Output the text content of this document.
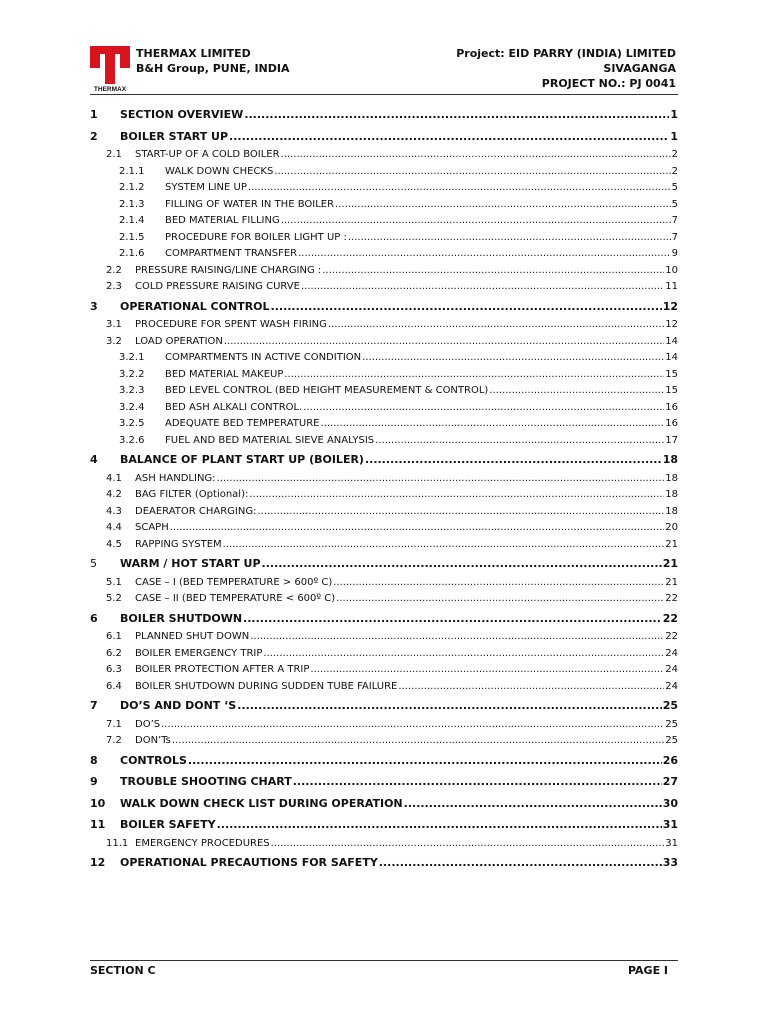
THERMAX
THERMAX LIMITED
B&H Group, PUNE, INDIA
Project: EID PARRY (INDIA) LIMITED
SIVAGANGA
PROJECT NO.: PJ 0041
1	SECTION OVERVIEW .....	1
2	BOILER START UP .....	1
2.1	START-UP OF A COLD BOILER .....	2
2.1.1	WALK DOWN CHECKS .....	2
2.1.2	SYSTEM LINE UP .....	5
2.1.3	FILLING OF WATER IN THE BOILER .....	5
2.1.4	BED MATERIAL FILLING .....	7
2.1.5	PROCEDURE FOR BOILER LIGHT UP : .....	7
2.1.6	COMPARTMENT TRANSFER .....	9
2.2	PRESSURE RAISING/LINE CHARGING : .....	10
2.3	COLD PRESSURE RAISING CURVE .....	11
3	OPERATIONAL CONTROL .....	12
3.1	PROCEDURE FOR SPENT WASH FIRING .....	12
3.2	LOAD OPERATION .....	14
3.2.1	COMPARTMENTS IN ACTIVE CONDITION .....	14
3.2.2	BED MATERIAL MAKEUP .....	15
3.2.3	BED LEVEL CONTROL (BED HEIGHT MEASUREMENT & CONTROL) .....	15
3.2.4	BED ASH ALKALI CONTROL. .....	16
3.2.5	ADEQUATE BED TEMPERATURE .....	16
3.2.6	FUEL AND BED MATERIAL SIEVE ANALYSIS .....	17
4	BALANCE OF PLANT START UP (BOILER) .....	18
4.1	ASH HANDLING: .....	18
4.2	BAG FILTER (Optional): .....	18
4.3	DEAERATOR CHARGING: .....	18
4.4	SCAPH .....	20
4.5	RAPPING SYSTEM .....	21
5	WARM / HOT START UP .....	21
5.1	CASE – I (BED TEMPERATURE > 600º C) .....	21
5.2	CASE – II (BED TEMPERATURE < 600º C) .....	22
6	BOILER SHUTDOWN .....	22
6.1	PLANNED SHUT DOWN .....	22
6.2	BOILER EMERGENCY TRIP .....	24
6.3	BOILER PROTECTION AFTER A TRIP .....	24
6.4	BOILER SHUTDOWN DURING SUDDEN TUBE FAILURE .....	24
7	DO’S AND DONT ‘S .....	25
7.1	DO’S .....	25
7.2	DON’Ts .....	25
8	CONTROLS .....	26
9	TROUBLE SHOOTING CHART .....	27
10	WALK DOWN CHECK LIST DURING OPERATION .....	30
11	BOILER SAFETY .....	31
11.1 EMERGENCY PROCEDURES .....	31
12	OPERATIONAL PRECAUTIONS FOR SAFETY .....	33
SECTION C	PAGE I
